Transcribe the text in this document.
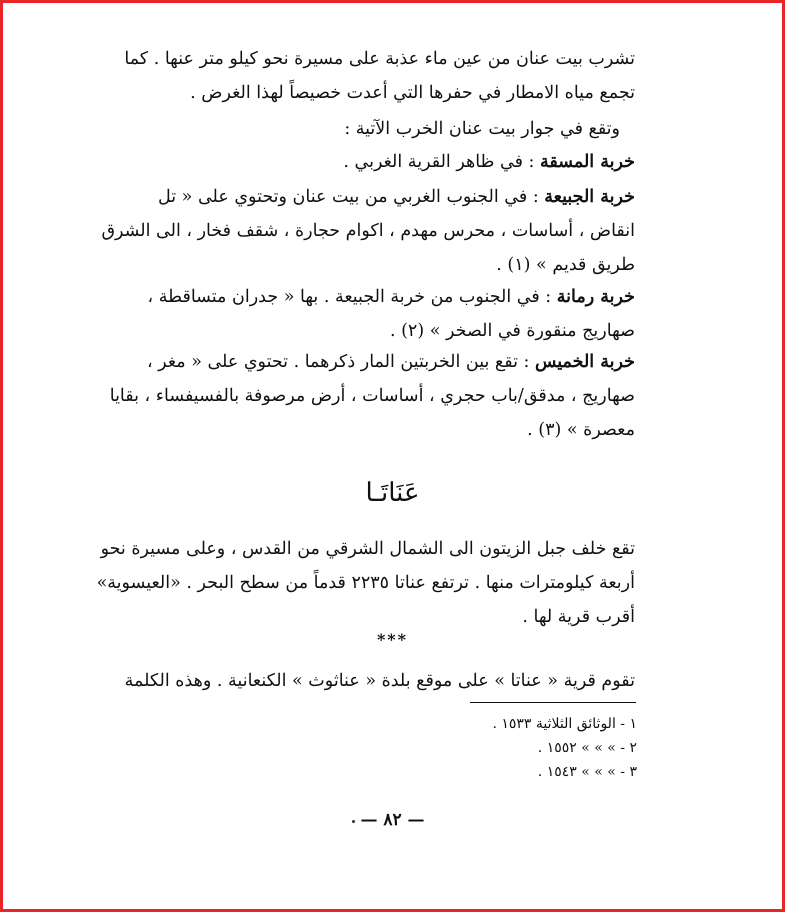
تشرب بيت عنان من عين ماء عذبة على مسيرة نحو كيلو متر عنها . كما
تجمع مياه الامطار في حفرها التي أعدت خصيصاً لهذا الغرض .
وتقع في جوار بيت عنان الخرب الآتية :
خربة المسقة : في ظاهر القرية الغربي .
خربة الجبيعة : في الجنوب الغربي من بيت عنان وتحتوي على « تل
انقاض ، أساسات ، محرس مهدم ، اكوام حجارة ، شقف فخار ، الى الشرق
طريق قديم » (١) .
خربة رمانة : في الجنوب من خربة الجبيعة . بها « جدران متساقطة ،
صهاريج منقورة في الصخر » (٢) .
خربة الخميس : تقع بين الخربتين المار ذكرهما . تحتوي على « مغر ،
صهاريج ، مدقق/باب حجري ، أساسات ، أرض مرصوفة بالفسيفساء ، بقايا
معصرة » (٣) .
عَنَاتَـا
تقع خلف جبل الزيتون الى الشمال الشرقي من القدس ، وعلى مسيرة نحو
أربعة كيلومترات منها . ترتفع عناتا ٢٢٣٥ قدماً من سطح البحر . «العيسوية»
أقرب قرية لها .
***
تقوم قرية « عناتا » على موقع بلدة « عناثوث » الكنعانية . وهذه الكلمة
١ - الوثائق الثلاثية ١٥٣٣ .
٢ - » » » ١٥٥٢ .
٣ - » » » ١٥٤٣ .
— ٨٢ —
